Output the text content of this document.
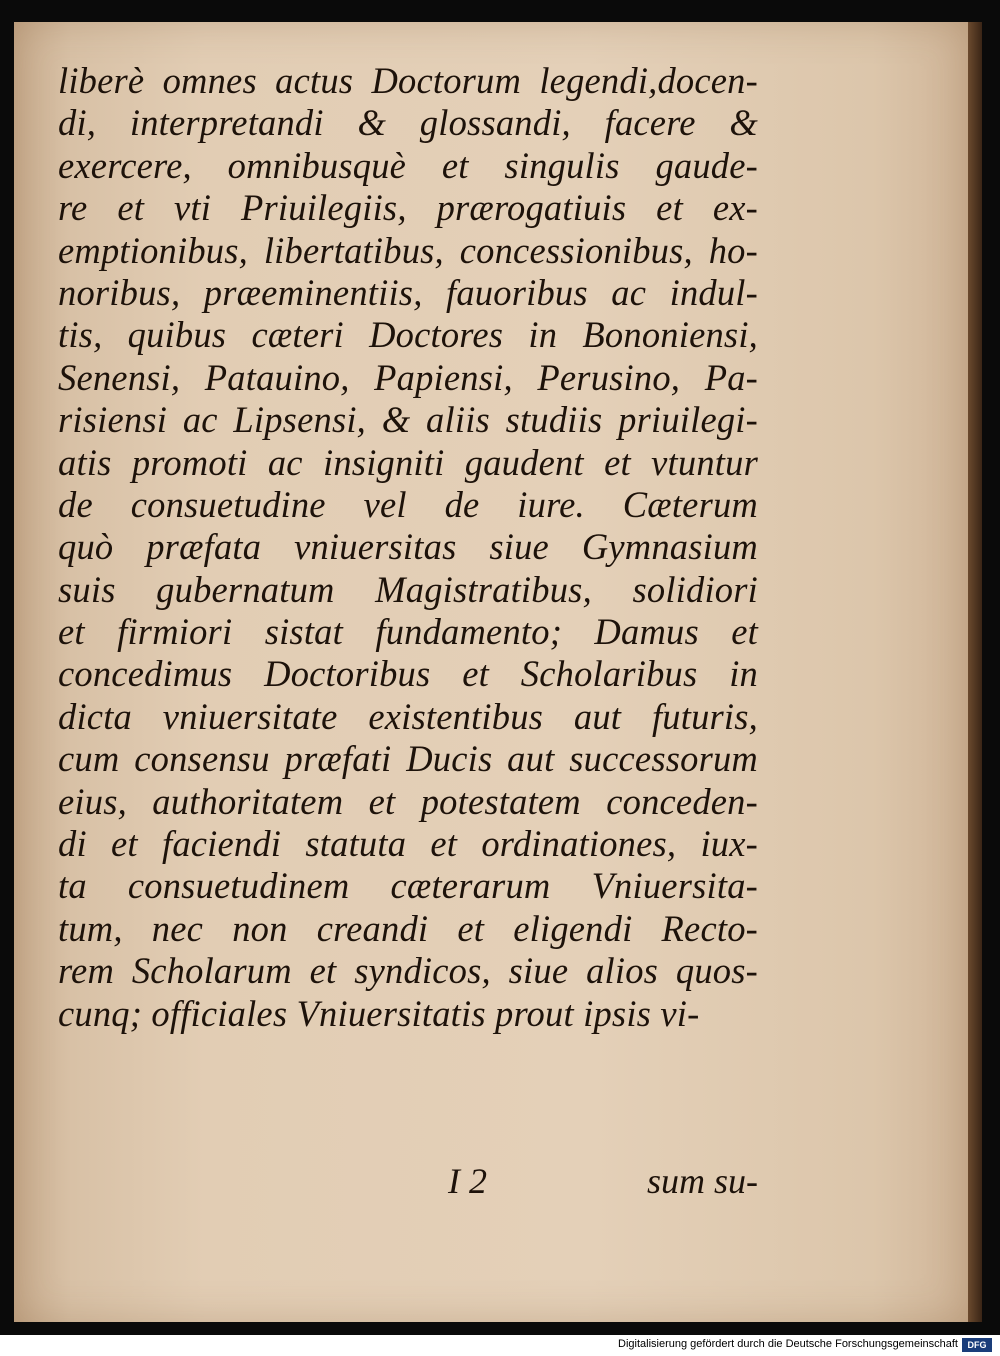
liberè omnes actus Doctorum legendi,docen-
di, interpretandi & glossandi, facere &
exercere, omnibusquè et singulis gaude-
re et vti Priuilegiis, prærogatiuis et ex-
emptionibus, libertatibus, concessionibus, ho-
noribus, præeminentiis, fauoribus ac indul-
tis, quibus cæteri Doctores in Bononiensi,
Senensi, Patauino, Papiensi, Perusino, Pa-
risiensi ac Lipsensi, & aliis studiis priuilegi-
atis promoti ac insigniti gaudent et vtuntur
de consuetudine vel de iure. Cæterum
quò præfata vniuersitas siue Gymnasium
suis gubernatum Magistratibus, solidiori
et firmiori sistat fundamento; Damus et
concedimus Doctoribus et Scholaribus in
dicta vniuersitate existentibus aut futuris,
cum consensu præfati Ducis aut successorum
eius, authoritatem et potestatem conceden-
di et faciendi statuta et ordinationes, iux-
ta consuetudinem cæterarum Vniuersita-
tum, nec non creandi et eligendi Recto-
rem Scholarum et syndicos, siue alios quos-
cunq; officiales Vniuersitatis prout ipsis vi-
I 2	sum su-
Digitalisierung gefördert durch die Deutsche Forschungsgemeinschaft	DFG
